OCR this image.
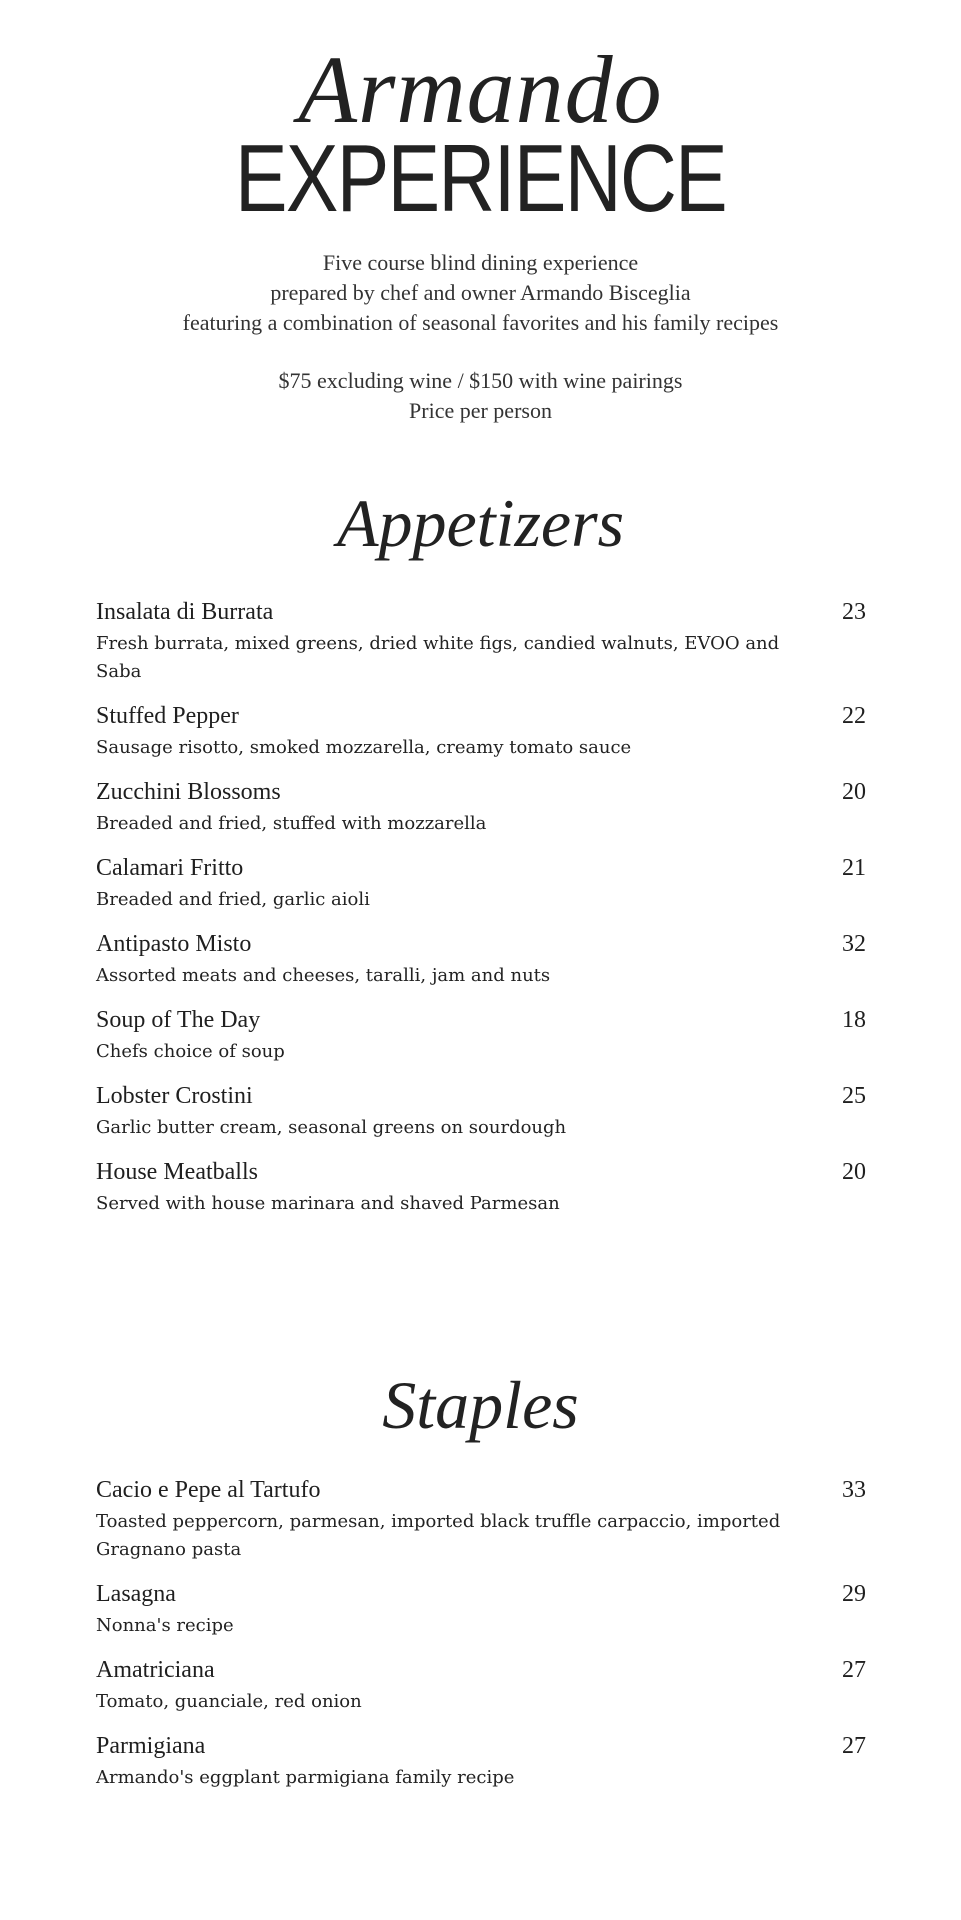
Armando
EXPERIENCE
Five course blind dining experience
prepared by chef and owner Armando Bisceglia
featuring a combination of seasonal favorites and his family recipes
$75 excluding wine / $150 with wine pairings
Price per person
Appetizers
Insalata di Burrata	23
Fresh burrata, mixed greens, dried white figs, candied walnuts, EVOO and Saba
Stuffed Pepper	22
Sausage risotto, smoked mozzarella, creamy tomato sauce
Zucchini Blossoms	20
Breaded and fried, stuffed with mozzarella
Calamari Fritto	21
Breaded and fried, garlic aioli
Antipasto Misto	32
Assorted meats and cheeses, taralli, jam and nuts
Soup of The Day	18
Chefs choice of soup
Lobster Crostini	25
Garlic butter cream, seasonal greens on sourdough
House Meatballs	20
Served with house marinara and shaved Parmesan
Staples
Cacio e Pepe al Tartufo	33
Toasted peppercorn, parmesan, imported black truffle carpaccio, imported Gragnano pasta
Lasagna	29
Nonna's recipe
Amatriciana	27
Tomato, guanciale, red onion
Parmigiana	27
Armando's eggplant parmigiana family recipe
